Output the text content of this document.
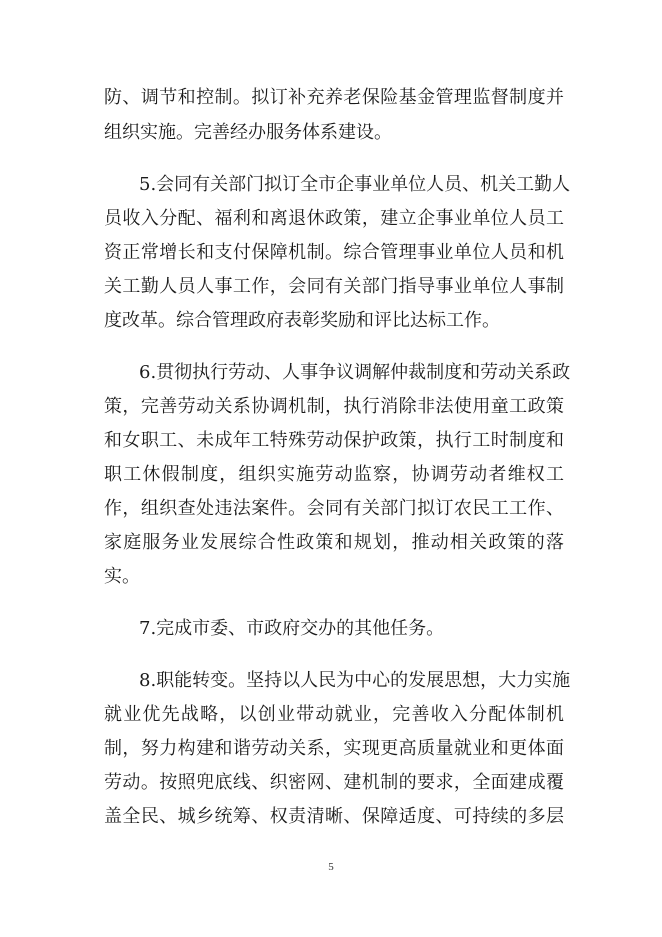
防、调节和控制。拟订补充养老保险基金管理监督制度并
组织实施。完善经办服务体系建设。
5.会同有关部门拟订全市企事业单位人员、机关工勤人
员收入分配、福利和离退休政策，建立企事业单位人员工
资正常增长和支付保障机制。综合管理事业单位人员和机
关工勤人员人事工作，会同有关部门指导事业单位人事制
度改革。综合管理政府表彰奖励和评比达标工作。
6.贯彻执行劳动、人事争议调解仲裁制度和劳动关系政
策，完善劳动关系协调机制，执行消除非法使用童工政策
和女职工、未成年工特殊劳动保护政策，执行工时制度和
职工休假制度，组织实施劳动监察，协调劳动者维权工
作，组织查处违法案件。会同有关部门拟订农民工工作、
家庭服务业发展综合性政策和规划，推动相关政策的落
实。
7.完成市委、市政府交办的其他任务。
8.职能转变。坚持以人民为中心的发展思想，大力实施
就业优先战略，以创业带动就业，完善收入分配体制机
制，努力构建和谐劳动关系，实现更高质量就业和更体面
劳动。按照兜底线、织密网、建机制的要求，全面建成覆
盖全民、城乡统筹、权责清晰、保障适度、可持续的多层
5
